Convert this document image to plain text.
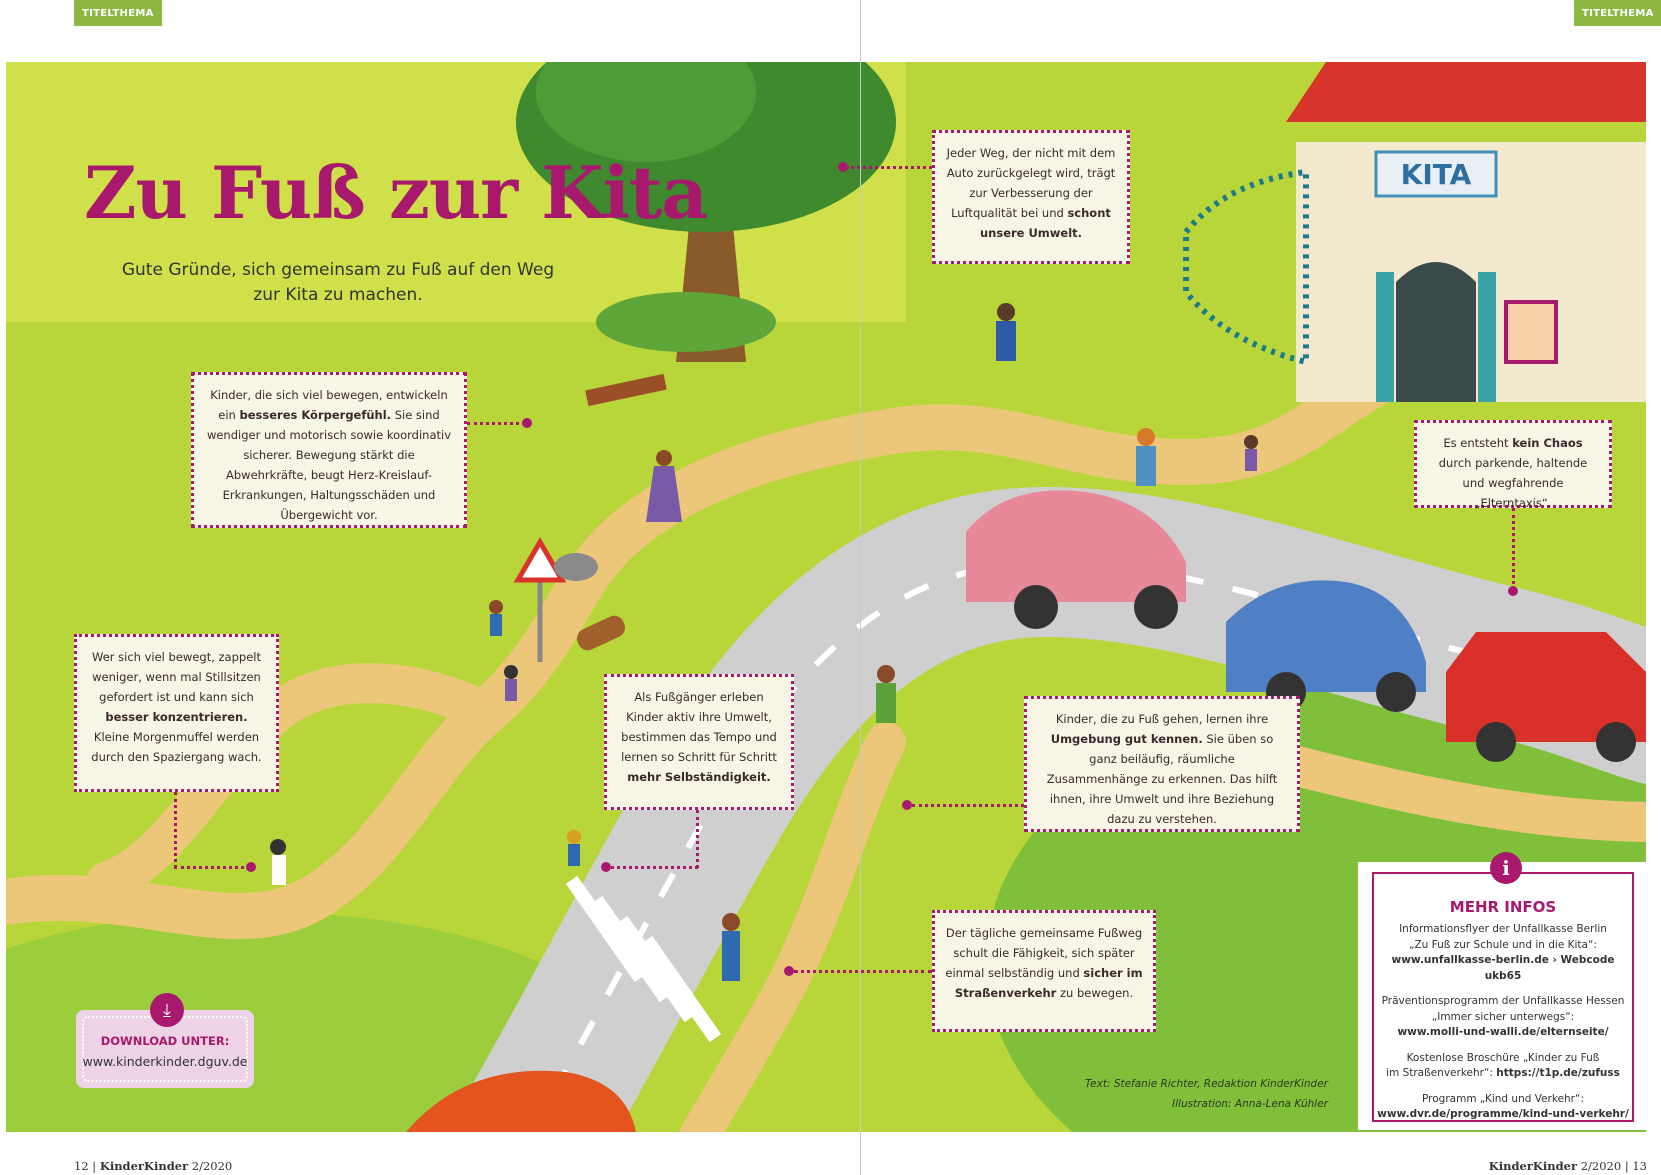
TITELTHEMA	TITELTHEMA
KITA
Zu Fuß zur Kita
Gute Gründe, sich gemeinsam zu Fuß auf den Weg zur Kita zu machen.
Kinder, die sich viel bewegen, entwickeln ein besseres Körpergefühl. Sie sind wendiger und motorisch sowie koordinativ sicherer. Bewegung stärkt die Abwehrkräfte, beugt Herz-Kreislauf-Erkrankungen, Haltungsschäden und Übergewicht vor.
Wer sich viel bewegt, zappelt weniger, wenn mal Stillsitzen gefordert ist und kann sich besser konzentrieren. Kleine Morgenmuffel werden durch den Spaziergang wach.
Als Fußgänger erleben Kinder aktiv ihre Umwelt, bestimmen das Tempo und lernen so Schritt für Schritt mehr Selbständigkeit.
Jeder Weg, der nicht mit dem Auto zurückgelegt wird, trägt zur Verbesserung der Luftqualität bei und schont unsere Umwelt.
Es entsteht kein Chaos durch parkende, haltende und wegfahrende „Elterntaxis“.
Kinder, die zu Fuß gehen, lernen ihre Umgebung gut kennen. Sie üben so ganz beiläufig, räumliche Zusammenhänge zu erkennen. Das hilft ihnen, ihre Umwelt und ihre Beziehung dazu zu verstehen.
Der tägliche gemeinsame Fußweg schult die Fähigkeit, sich später einmal selbständig und sicher im Straßenverkehr zu bewegen.
DOWNLOAD UNTER:
www.kinderkinder.dguv.de
⤓
i
MEHR INFOS
Informationsflyer der Unfallkasse Berlin
„Zu Fuß zur Schule und in die Kita“:
www.unfallkasse-berlin.de › Webcode ukb65
Präventionsprogramm der Unfallkasse Hessen
„Immer sicher unterwegs“:
www.molli-und-walli.de/elternseite/
Kostenlose Broschüre „Kinder zu Fuß
im Straßenverkehr“: https://t1p.de/zufuss
Programm „Kind und Verkehr“:
www.dvr.de/programme/kind-und-verkehr/
Text: Stefanie Richter, Redaktion KinderKinder
Illustration: Anna-Lena Kühler
12 | KinderKinder 2/2020	KinderKinder 2/2020 | 13
